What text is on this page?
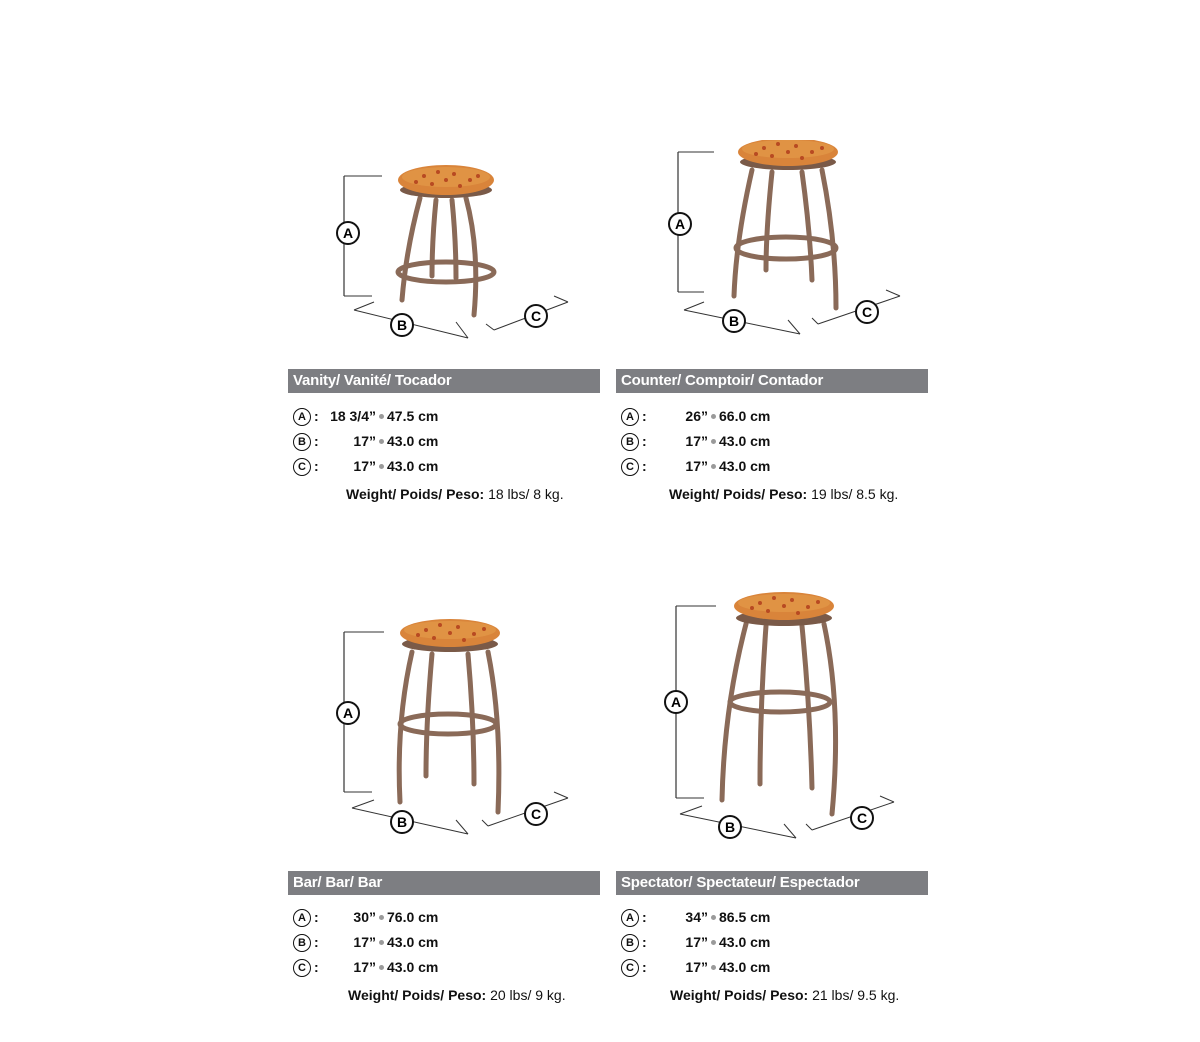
A
B
C
Vanity/ Vanité/ Tocador
A : 18 3/4” 47.5 cm
B :	17” 43.0 cm
C :	17” 43.0 cm
Weight/ Poids/ Peso: 18 lbs/ 8 kg.
A
B
C
Counter/ Comptoir/ Contador
A :	26” 66.0 cm
B :	17” 43.0 cm
C :	17” 43.0 cm
Weight/ Poids/ Peso: 19 lbs/ 8.5 kg.
A
B	C
Bar/ Bar/ Bar
A :	30” 76.0 cm
B :	17” 43.0 cm
C :	17” 43.0 cm
Weight/ Poids/ Peso: 20 lbs/ 9 kg.
A
B
C
Spectator/ Spectateur/ Espectador
A :	34” 86.5 cm
B :	17” 43.0 cm
C :	17” 43.0 cm
Weight/ Poids/ Peso: 21 lbs/ 9.5 kg.
